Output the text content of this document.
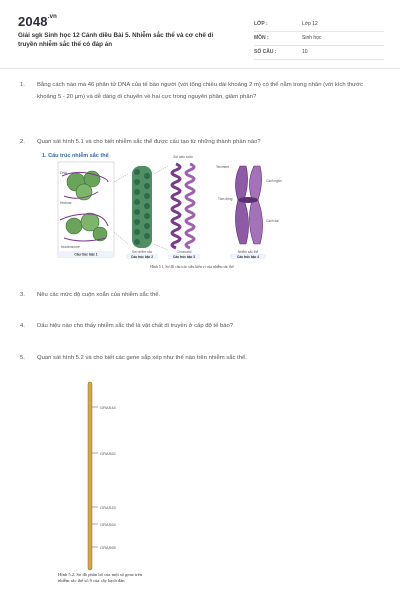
$2048^{.vn}$
Giải sgk Sinh học 12 Cánh diều Bài 5. Nhiễm sắc thể và cơ chế di truyền nhiễm sắc thể có đáp án
LỚP :	Lớp 12
MÔN :	Sinh học
SỐ CÂU :	10
1. Bằng cách nào mà 46 phân tử DNA của tế bào người (với tổng chiều dài khoảng 2 m) có thể nằm trong nhân (với kích thước khoảng 5 - 20 µm) và dễ dàng di chuyển về hai cực trong nguyên phân, giảm phân?
2. Quan sát hình 5.1 và cho biết nhiễm sắc thể được cấu tạo từ những thành phần nào?
1. Cấu trúc nhiễm sắc thể
Nucleosome
DNA
Histone
Cấu trúc bậc 1
Sợi nhiễm sắc
Cấu trúc bậc 2
Sợi siêu xoắn
Chromatid
Cấu trúc bậc 3
Telomere
Tâm động
Cánh ngắn
Cánh dài
Nhiễm sắc thể
Cấu trúc bậc 4
Hình 5.1. Sơ đồ cấu trúc siêu hiển vi của nhiễm sắc thể
3. Nêu các mức độ cuộn xoắn của nhiễm sắc thể.
4. Dấu hiệu nào cho thấy nhiễm sắc thể là vật chất di truyền ở cấp độ tế bào?
5. Quan sát hình 5.2 và cho biết các gene sắp xếp như thế nào trên nhiễm sắc thể.
GRAS44
GRAS62
GRAS43
GRAS64
GRAS65
Hình 5.2. Sơ đồ phân bố của một số gene trên nhiễm sắc thể số 9 của cây bạch đàn
